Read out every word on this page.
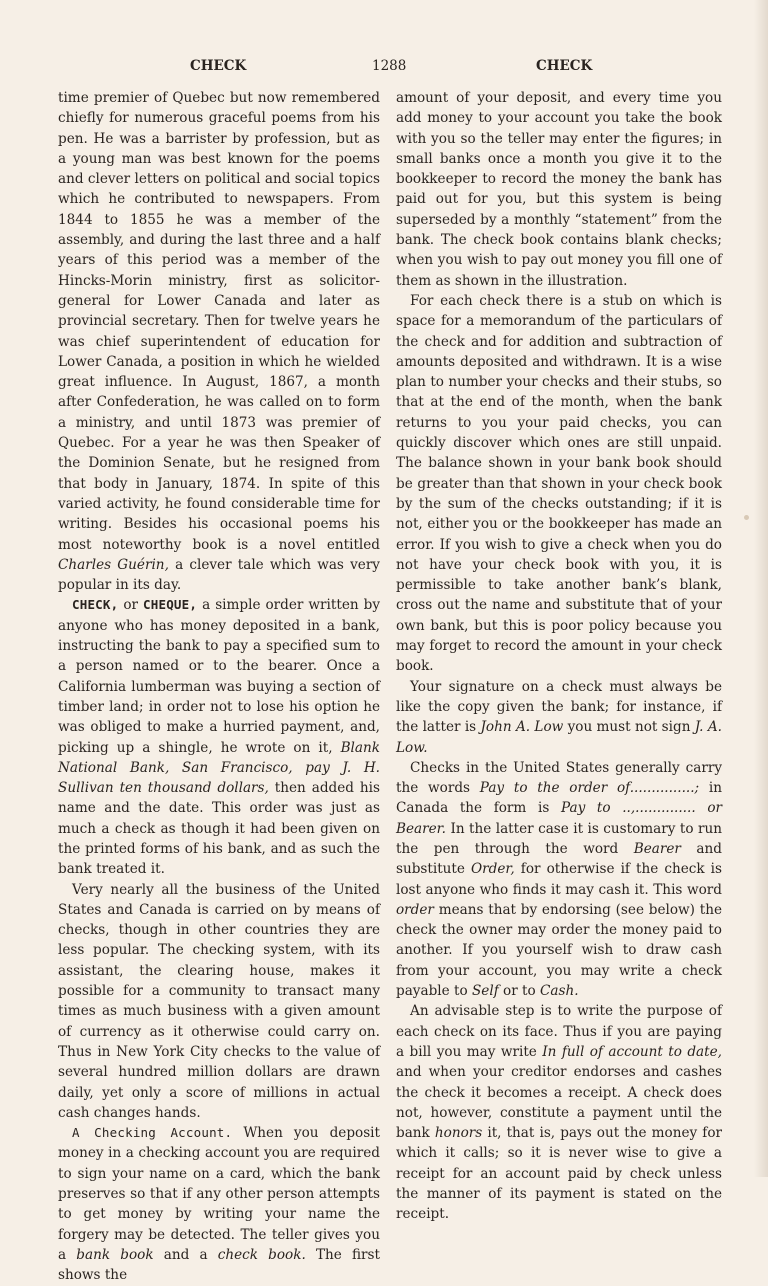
CHECK	1288	CHECK

time premier of Quebec but now remembered chiefly for numerous graceful poems from his pen. He was a barrister by profession, but as a young man was best known for the poems and clever letters on political and social topics which he contributed to newspapers. From 1844 to 1855 he was a member of the assembly, and during the last three and a half years of this period was a member of the Hincks-Morin ministry, first as solicitor-general for Lower Canada and later as provincial secretary. Then for twelve years he was chief superintendent of education for Lower Canada, a position in which he wielded great influence. In August, 1867, a month after Confederation, he was called on to form a ministry, and until 1873 was premier of Quebec. For a year he was then Speaker of the Dominion Senate, but he resigned from that body in January, 1874. In spite of this varied activity, he found considerable time for writing. Besides his occasional poems his most noteworthy book is a novel entitled Charles Guérin, a clever tale which was very popular in its day.

CHECK, or CHEQUE, a simple order written by anyone who has money deposited in a bank, instructing the bank to pay a specified sum to a person named or to the bearer. Once a California lumberman was buying a section of timber land; in order not to lose his option he was obliged to make a hurried payment, and, picking up a shingle, he wrote on it, Blank National Bank, San Francisco, pay J. H. Sullivan ten thousand dollars, then added his name and the date. This order was just as much a check as though it had been given on the printed forms of his bank, and as such the bank treated it.

Very nearly all the business of the United States and Canada is carried on by means of checks, though in other countries they are less popular. The checking system, with its assistant, the clearing house, makes it possible for a community to transact many times as much business with a given amount of currency as it otherwise could carry on. Thus in New York City checks to the value of several hundred million dollars are drawn daily, yet only a score of millions in actual cash changes hands.

A Checking Account. When you deposit money in a checking account you are required to sign your name on a card, which the bank preserves so that if any other person attempts to get money by writing your name the forgery may be detected. The teller gives you a bank book and a check book. The first shows the

amount of your deposit, and every time you add money to your account you take the book with you so the teller may enter the figures; in small banks once a month you give it to the bookkeeper to record the money the bank has paid out for you, but this system is being superseded by a monthly “statement” from the bank. The check book contains blank checks; when you wish to pay out money you fill one of them as shown in the illustration.

For each check there is a stub on which is space for a memorandum of the particulars of the check and for addition and subtraction of amounts deposited and withdrawn. It is a wise plan to number your checks and their stubs, so that at the end of the month, when the bank returns to you your paid checks, you can quickly discover which ones are still unpaid. The balance shown in your bank book should be greater than that shown in your check book by the sum of the checks outstanding; if it is not, either you or the bookkeeper has made an error. If you wish to give a check when you do not have your check book with you, it is permissible to take another bank’s blank, cross out the name and substitute that of your own bank, but this is poor policy because you may forget to record the amount in your check book.

Your signature on a check must always be like the copy given the bank; for instance, if the latter is John A. Low you must not sign J. A. Low.

Checks in the United States generally carry the words Pay to the order of...............; in Canada the form is Pay to ..,.............. or Bearer. In the latter case it is customary to run the pen through the word Bearer and substitute Order, for otherwise if the check is lost anyone who finds it may cash it. This word order means that by endorsing (see below) the check the owner may order the money paid to another. If you yourself wish to draw cash from your account, you may write a check payable to Self or to Cash.

An advisable step is to write the purpose of each check on its face. Thus if you are paying a bill you may write In full of account to date, and when your creditor endorses and cashes the check it becomes a receipt. A check does not, however, constitute a payment until the bank honors it, that is, pays out the money for which it calls; so it is never wise to give a receipt for an account paid by check unless the manner of its payment is stated on the receipt.
